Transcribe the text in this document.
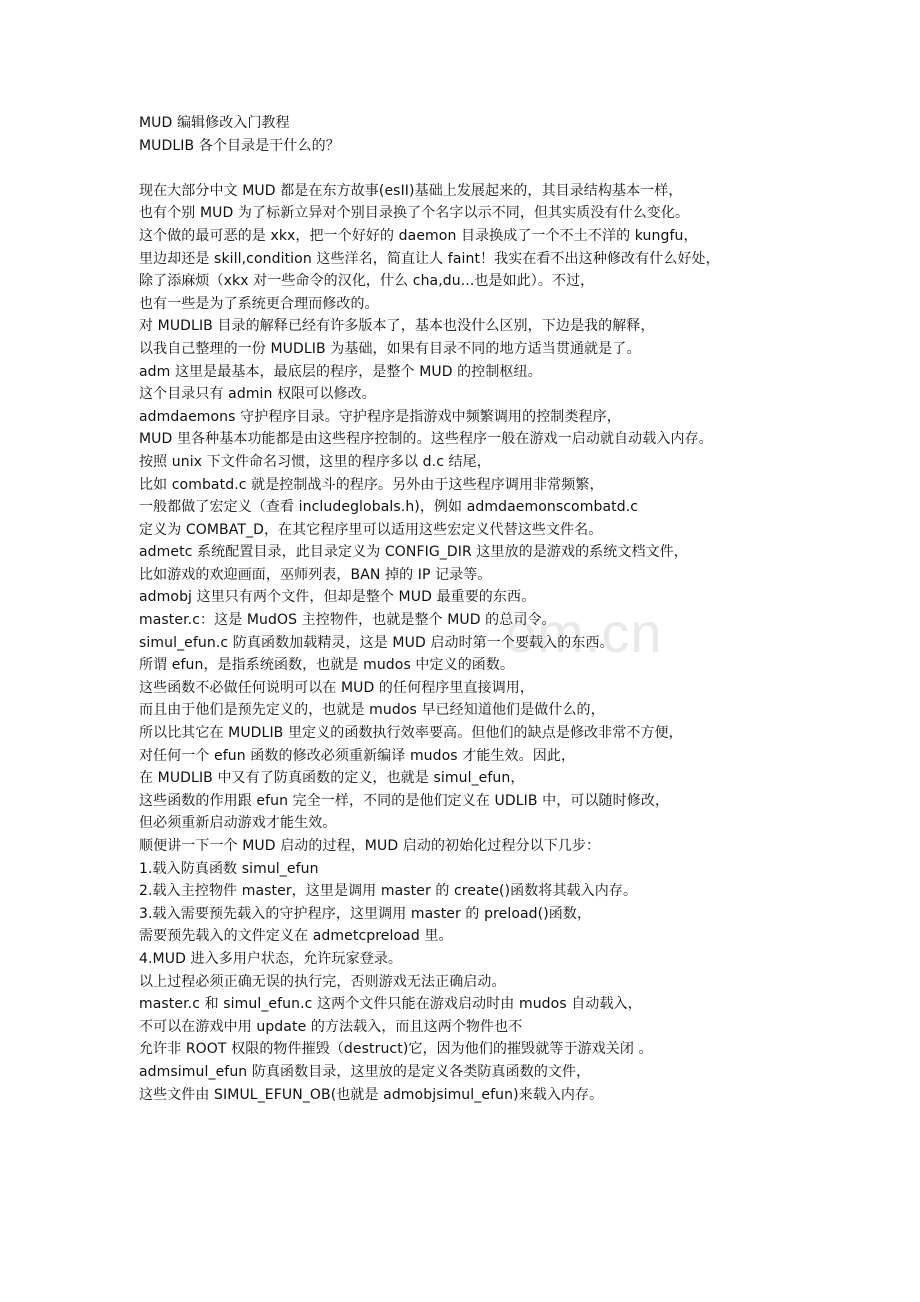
om.cn
MUD 编辑修改入门教程
MUDLIB 各个目录是干什么的？
现在大部分中文 MUD 都是在东方故事(esII)基础上发展起来的，其目录结构基本一样，
也有个别 MUD 为了标新立异对个别目录换了个名字以示不同，但其实质没有什么变化。
这个做的最可恶的是 xkx，把一个好好的 daemon 目录换成了一个不土不洋的 kungfu，
里边却还是 skill,condition 这些洋名，简直让人 faint！我实在看不出这种修改有什么好处，
除了添麻烦（xkx 对一些命令的汉化，什么 cha,du...也是如此）。不过，
也有一些是为了系统更合理而修改的。
对 MUDLIB 目录的解释已经有许多版本了，基本也没什么区别，下边是我的解释，
以我自己整理的一份 MUDLIB 为基础，如果有目录不同的地方适当贯通就是了。
adm 这里是最基本，最底层的程序，是整个 MUD 的控制枢纽。
这个目录只有 admin 权限可以修改。
admdaemons 守护程序目录。守护程序是指游戏中频繁调用的控制类程序，
MUD 里各种基本功能都是由这些程序控制的。这些程序一般在游戏一启动就自动载入内存。
按照 unix 下文件命名习惯，这里的程序多以 d.c 结尾，
比如 combatd.c 就是控制战斗的程序。另外由于这些程序调用非常频繁，
一般都做了宏定义（查看 includeglobals.h)，例如 admdaemonscombatd.c
定义为 COMBAT_D，在其它程序里可以适用这些宏定义代替这些文件名。
admetc 系统配置目录，此目录定义为 CONFIG_DIR 这里放的是游戏的系统文档文件，
比如游戏的欢迎画面，巫师列表，BAN 掉的 IP 记录等。
admobj 这里只有两个文件，但却是整个 MUD 最重要的东西。
master.c：这是 MudOS 主控物件，也就是整个 MUD 的总司令。
simul_efun.c 防真函数加载精灵，这是 MUD 启动时第一个要载入的东西。
所谓 efun，是指系统函数，也就是 mudos 中定义的函数。
这些函数不必做任何说明可以在 MUD 的任何程序里直接调用，
而且由于他们是预先定义的，也就是 mudos 早已经知道他们是做什么的，
所以比其它在 MUDLIB 里定义的函数执行效率要高。但他们的缺点是修改非常不方便，
对任何一个 efun 函数的修改必须重新编译 mudos 才能生效。因此，
在 MUDLIB 中又有了防真函数的定义，也就是 simul_efun，
这些函数的作用跟 efun 完全一样，不同的是他们定义在 UDLIB 中，可以随时修改，
但必须重新启动游戏才能生效。
顺便讲一下一个 MUD 启动的过程，MUD 启动的初始化过程分以下几步：
1.载入防真函数 simul_efun
2.载入主控物件 master，这里是调用 master 的 create()函数将其载入内存。
3.载入需要预先载入的守护程序，这里调用 master 的 preload()函数，
需要预先载入的文件定义在 admetcpreload 里。
4.MUD 进入多用户状态，允许玩家登录。
以上过程必须正确无误的执行完，否则游戏无法正确启动。
master.c 和 simul_efun.c 这两个文件只能在游戏启动时由 mudos 自动载入，
不可以在游戏中用 update 的方法载入，而且这两个物件也不
允许非 ROOT 权限的物件摧毁（destruct)它，因为他们的摧毁就等于游戏关闭 。
admsimul_efun 防真函数目录，这里放的是定义各类防真函数的文件，
这些文件由 SIMUL_EFUN_OB(也就是 admobjsimul_efun)来载入内存。
